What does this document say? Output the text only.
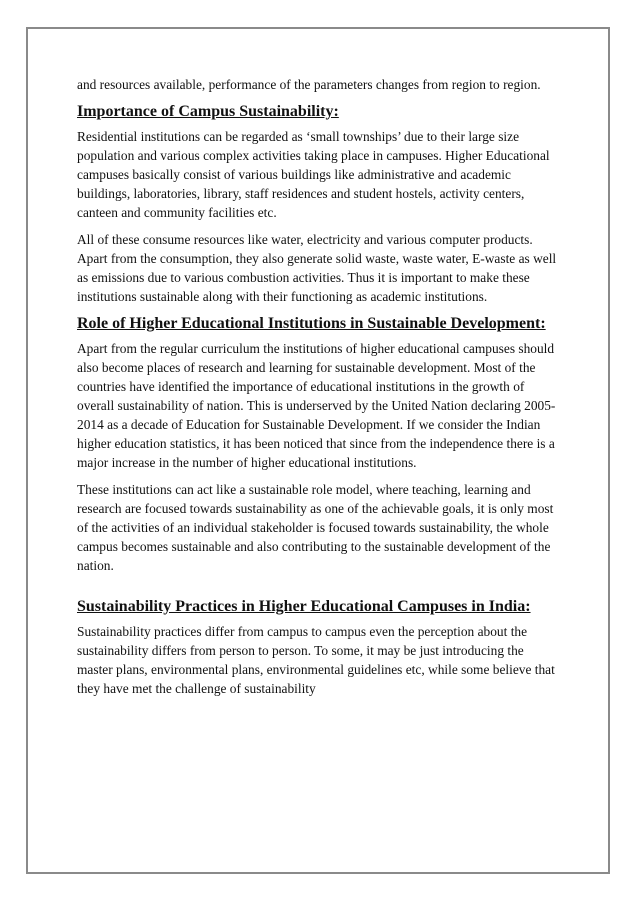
and resources available, performance of the parameters changes from region to region.

Importance of Campus Sustainability:

Residential institutions can be regarded as ‘small townships’ due to their large size population and various complex activities taking place in campuses. Higher Educational campuses basically consist of various buildings like administrative and academic buildings, laboratories, library, staff residences and student hostels, activity centers, canteen and community facilities etc.

All of these consume resources like water, electricity and various computer products. Apart from the consumption, they also generate solid waste, waste water, E-waste as well as emissions due to various combustion activities. Thus it is important to make these institutions sustainable along with their functioning as academic institutions.

Role of Higher Educational Institutions in Sustainable Development:

Apart from the regular curriculum the institutions of higher educational campuses should also become places of research and learning for sustainable development. Most of the countries have identified the importance of educational institutions in the growth of overall sustainability of nation. This is underserved by the United Nation declaring 2005-2014 as a decade of Education for Sustainable Development. If we consider the Indian higher education statistics, it has been noticed that since from the independence there is a major increase in the number of higher educational institutions.

These institutions can act like a sustainable role model, where teaching, learning and research are focused towards sustainability as one of the achievable goals, it is only most of the activities of an individual stakeholder is focused towards sustainability, the whole campus becomes sustainable and also contributing to the sustainable development of the nation.

Sustainability Practices in Higher Educational Campuses in India:

Sustainability practices differ from campus to campus even the perception about the sustainability differs from person to person. To some, it may be just introducing the master plans, environmental plans, environmental guidelines etc, while some believe that they have met the challenge of sustainability
